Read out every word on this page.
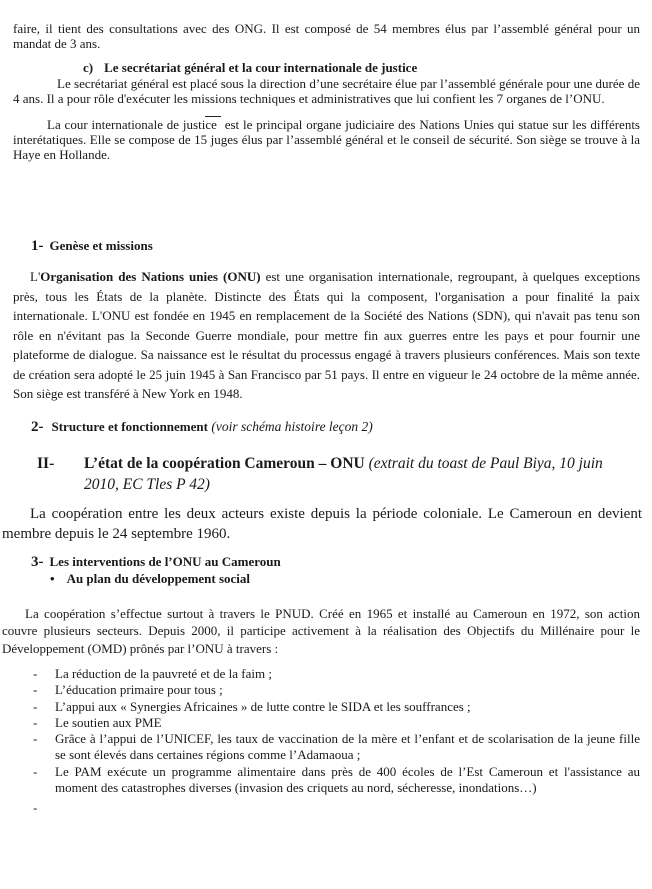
faire, il tient des consultations avec des ONG. Il est composé de 54 membres élus par l’assemblé général pour un mandat de 3 ans.

c) Le secrétariat général et la cour internationale de justice

Le secrétariat général est placé sous la direction d’une secrétaire élue par l’assemblé générale pour une durée de 4 ans. Il a pour rôle d'exécuter les missions techniques et administratives que lui confient les 7 organes de l’ONU.

La cour internationale de justice est le principal organe judiciaire des Nations Unies qui statue sur les différents interétatiques. Elle se compose de 15 juges élus par l’assemblé général et le conseil de sécurité. Son siège se trouve à la Haye en Hollande.

1- Genèse et missions

L'Organisation des Nations unies (ONU) est une organisation internationale, regroupant, à quelques exceptions près, tous les États de la planète. Distincte des États qui la composent, l'organisation a pour finalité la paix internationale. L'ONU est fondée en 1945 en remplacement de la Société des Nations (SDN), qui n'avait pas tenu son rôle en n'évitant pas la Seconde Guerre mondiale, pour mettre fin aux guerres entre les pays et pour fournir une plateforme de dialogue. Sa naissance est le résultat du processus engagé à travers plusieurs conférences. Mais son texte de création sera adopté le 25 juin 1945 à San Francisco par 51 pays. Il entre en vigueur le 24 octobre de la même année. Son siège est transféré à New York en 1948.

2- Structure et fonctionnement (voir schéma histoire leçon 2)
II- L’état de la coopération Cameroun – ONU (extrait du toast de Paul Biya, 10 juin 2010, EC Tles P 42)

La coopération entre les deux acteurs existe depuis la période coloniale. Le Cameroun en devient membre depuis le 24 septembre 1960.

3- Les interventions de l’ONU au Cameroun
• Au plan du développement social

La coopération s’effectue surtout à travers le PNUD. Créé en 1965 et installé au Cameroun en 1972, son action couvre plusieurs secteurs. Depuis 2000, il participe activement à la réalisation des Objectifs du Millénaire pour le Développement (OMD) prônés par l’ONU à travers :

- La réduction de la pauvreté et de la faim ;
- L’éducation primaire pour tous ;
- L’appui aux « Synergies Africaines » de lutte contre le SIDA et les souffrances ;
- Le soutien aux PME
- Grâce à l’appui de l’UNICEF, les taux de vaccination de la mère et l’enfant et de scolarisation de la jeune fille se sont élevés dans certaines régions comme l’Adamaoua ;
- Le PAM exécute un programme alimentaire dans près de 400 écoles de l’Est Cameroun et l'assistance au moment des catastrophes diverses (invasion des criquets au nord, sécheresse, inondations…)
-
